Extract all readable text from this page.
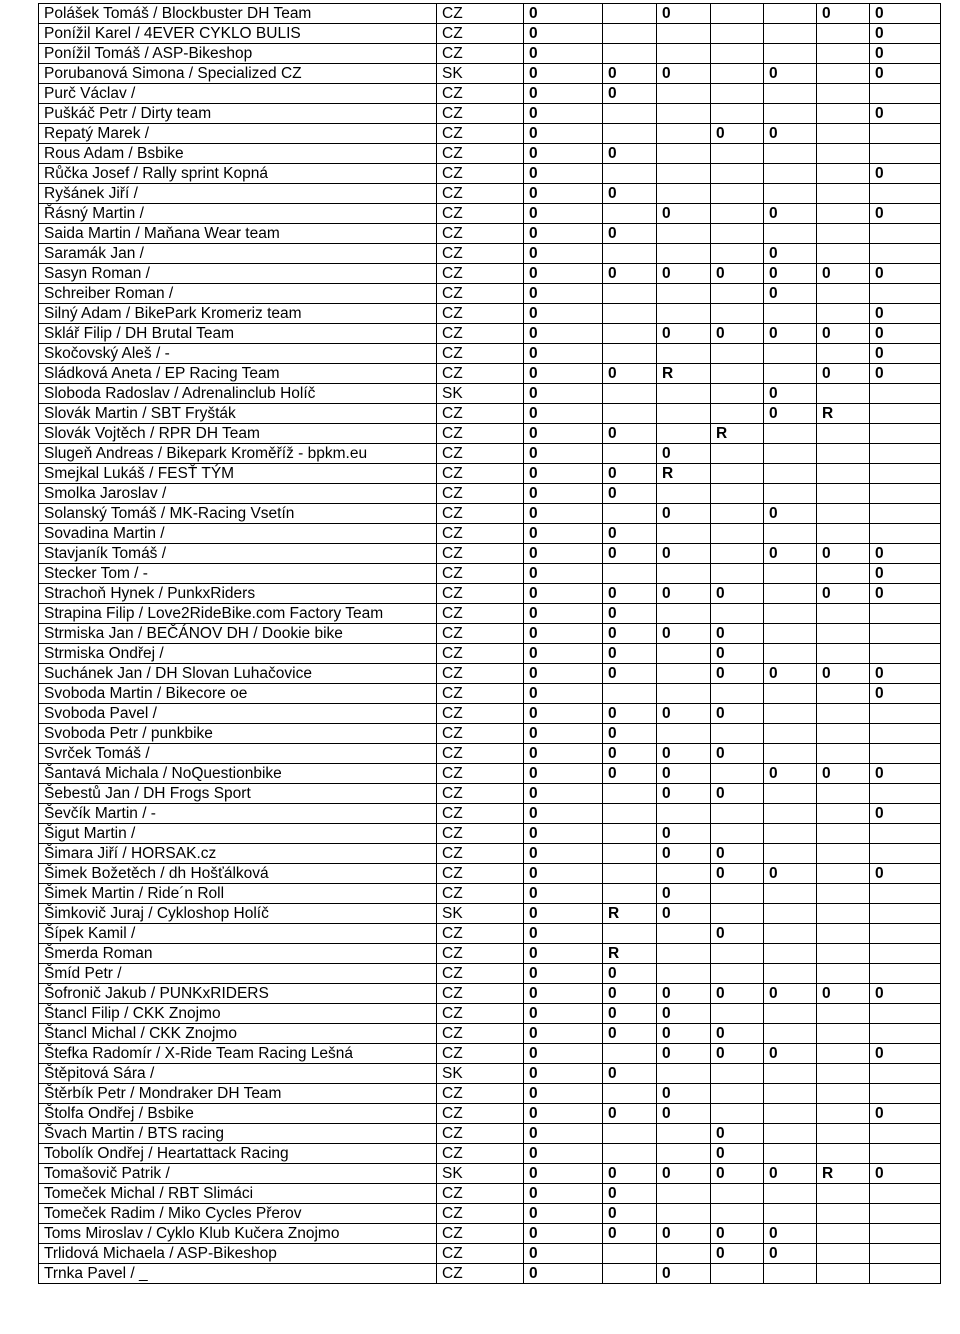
Polášek Tomáš / Blockbuster DH Team	CZ	0		0			0	0
Ponížil Karel / 4EVER CYKLO BULIS	CZ	0						0
Ponížil Tomáš / ASP-Bikeshop	CZ	0						0
Porubanová Simona / Specialized CZ	SK	0	0	0		0		0
Purč Václav /	CZ	0	0					
Puškáč Petr / Dirty team	CZ	0						0
Repatý Marek /	CZ	0			0	0		
Rous Adam / Bsbike	CZ	0	0					
Růčka Josef / Rally sprint Kopná	CZ	0						0
Ryšánek Jiří /	CZ	0	0					
Řásný Martin /	CZ	0		0		0		0
Saida Martin / Maňana Wear team	CZ	0	0					
Saramák Jan /	CZ	0				0		
Sasyn Roman /	CZ	0	0	0	0	0	0	0
Schreiber Roman /	CZ	0				0		
Silný Adam / BikePark Kromeriz team	CZ	0						0
Sklář Filip / DH Brutal Team	CZ	0		0	0	0	0	0
Skočovský Aleš / -	CZ	0						0
Sládková Aneta / EP Racing Team	CZ	0	0	R			0	0
Sloboda Radoslav / Adrenalinclub Holíč	SK	0				0		
Slovák Martin / SBT Fryšták	CZ	0				0	R	
Slovák Vojtěch / RPR DH Team	CZ	0	0		R			
Slugeň Andreas / Bikepark Kroměříž - bpkm.eu	CZ	0		0				
Smejkal Lukáš / FESŤ TÝM	CZ	0	0	R				
Smolka Jaroslav /	CZ	0	0					
Solanský Tomáš / MK-Racing Vsetín	CZ	0		0		0		
Sovadina Martin /	CZ	0	0					
Stavjaník Tomáš /	CZ	0	0	0		0	0	0
Stecker Tom / -	CZ	0						0
Strachoň Hynek / PunkxRiders	CZ	0	0	0	0		0	0
Strapina Filip / Love2RideBike.com Factory Team	CZ	0	0					
Strmiska Jan / BEČÁNOV DH / Dookie bike	CZ	0	0	0	0			
Strmiska Ondřej /	CZ	0	0		0			
Suchánek Jan / DH Slovan Luhačovice	CZ	0	0		0	0	0	0
Svoboda Martin / Bikecore oe	CZ	0						0
Svoboda Pavel /	CZ	0	0	0	0			
Svoboda Petr / punkbike	CZ	0	0					
Svrček Tomáš /	CZ	0	0	0	0			
Šantavá Michala / NoQuestionbike	CZ	0	0	0		0	0	0
Šebestů Jan / DH Frogs Sport	CZ	0		0	0			
Ševčík Martin / -	CZ	0						0
Šigut Martin /	CZ	0		0				
Šimara Jiří / HORSAK.cz	CZ	0		0	0			
Šimek Božetěch / dh Hošťálková	CZ	0			0	0		0
Šimek Martin / Ride´n Roll	CZ	0		0				
Šimkovič Juraj / Cykloshop Holíč	SK	0	R	0				
Šípek Kamil /	CZ	0			0			
Šmerda Roman	CZ	0	R					
Šmíd Petr /	CZ	0	0					
Šofronič Jakub / PUNKxRIDERS	CZ	0	0	0	0	0	0	0
Štancl Filip / CKK Znojmo	CZ	0	0	0				
Štancl Michal / CKK Znojmo	CZ	0	0	0	0			
Štefka Radomír / X-Ride Team Racing Lešná	CZ	0		0	0	0		0
Štěpitová Sára /	SK	0	0					
Štěrbík Petr / Mondraker DH Team	CZ	0		0				
Štolfa Ondřej / Bsbike	CZ	0	0	0				0
Švach Martin / BTS racing	CZ	0			0			
Tobolík Ondřej / Heartattack Racing	CZ	0			0			
Tomašovič Patrik /	SK	0	0	0	0	0	R	0
Tomeček Michal / RBT Slimáci	CZ	0	0					
Tomeček Radim / Miko Cycles Přerov	CZ	0	0					
Toms Miroslav / Cyklo Klub Kučera Znojmo	CZ	0	0	0	0	0		
Trlidová Michaela / ASP-Bikeshop	CZ	0			0	0		
Trnka Pavel / _	CZ	0		0				
